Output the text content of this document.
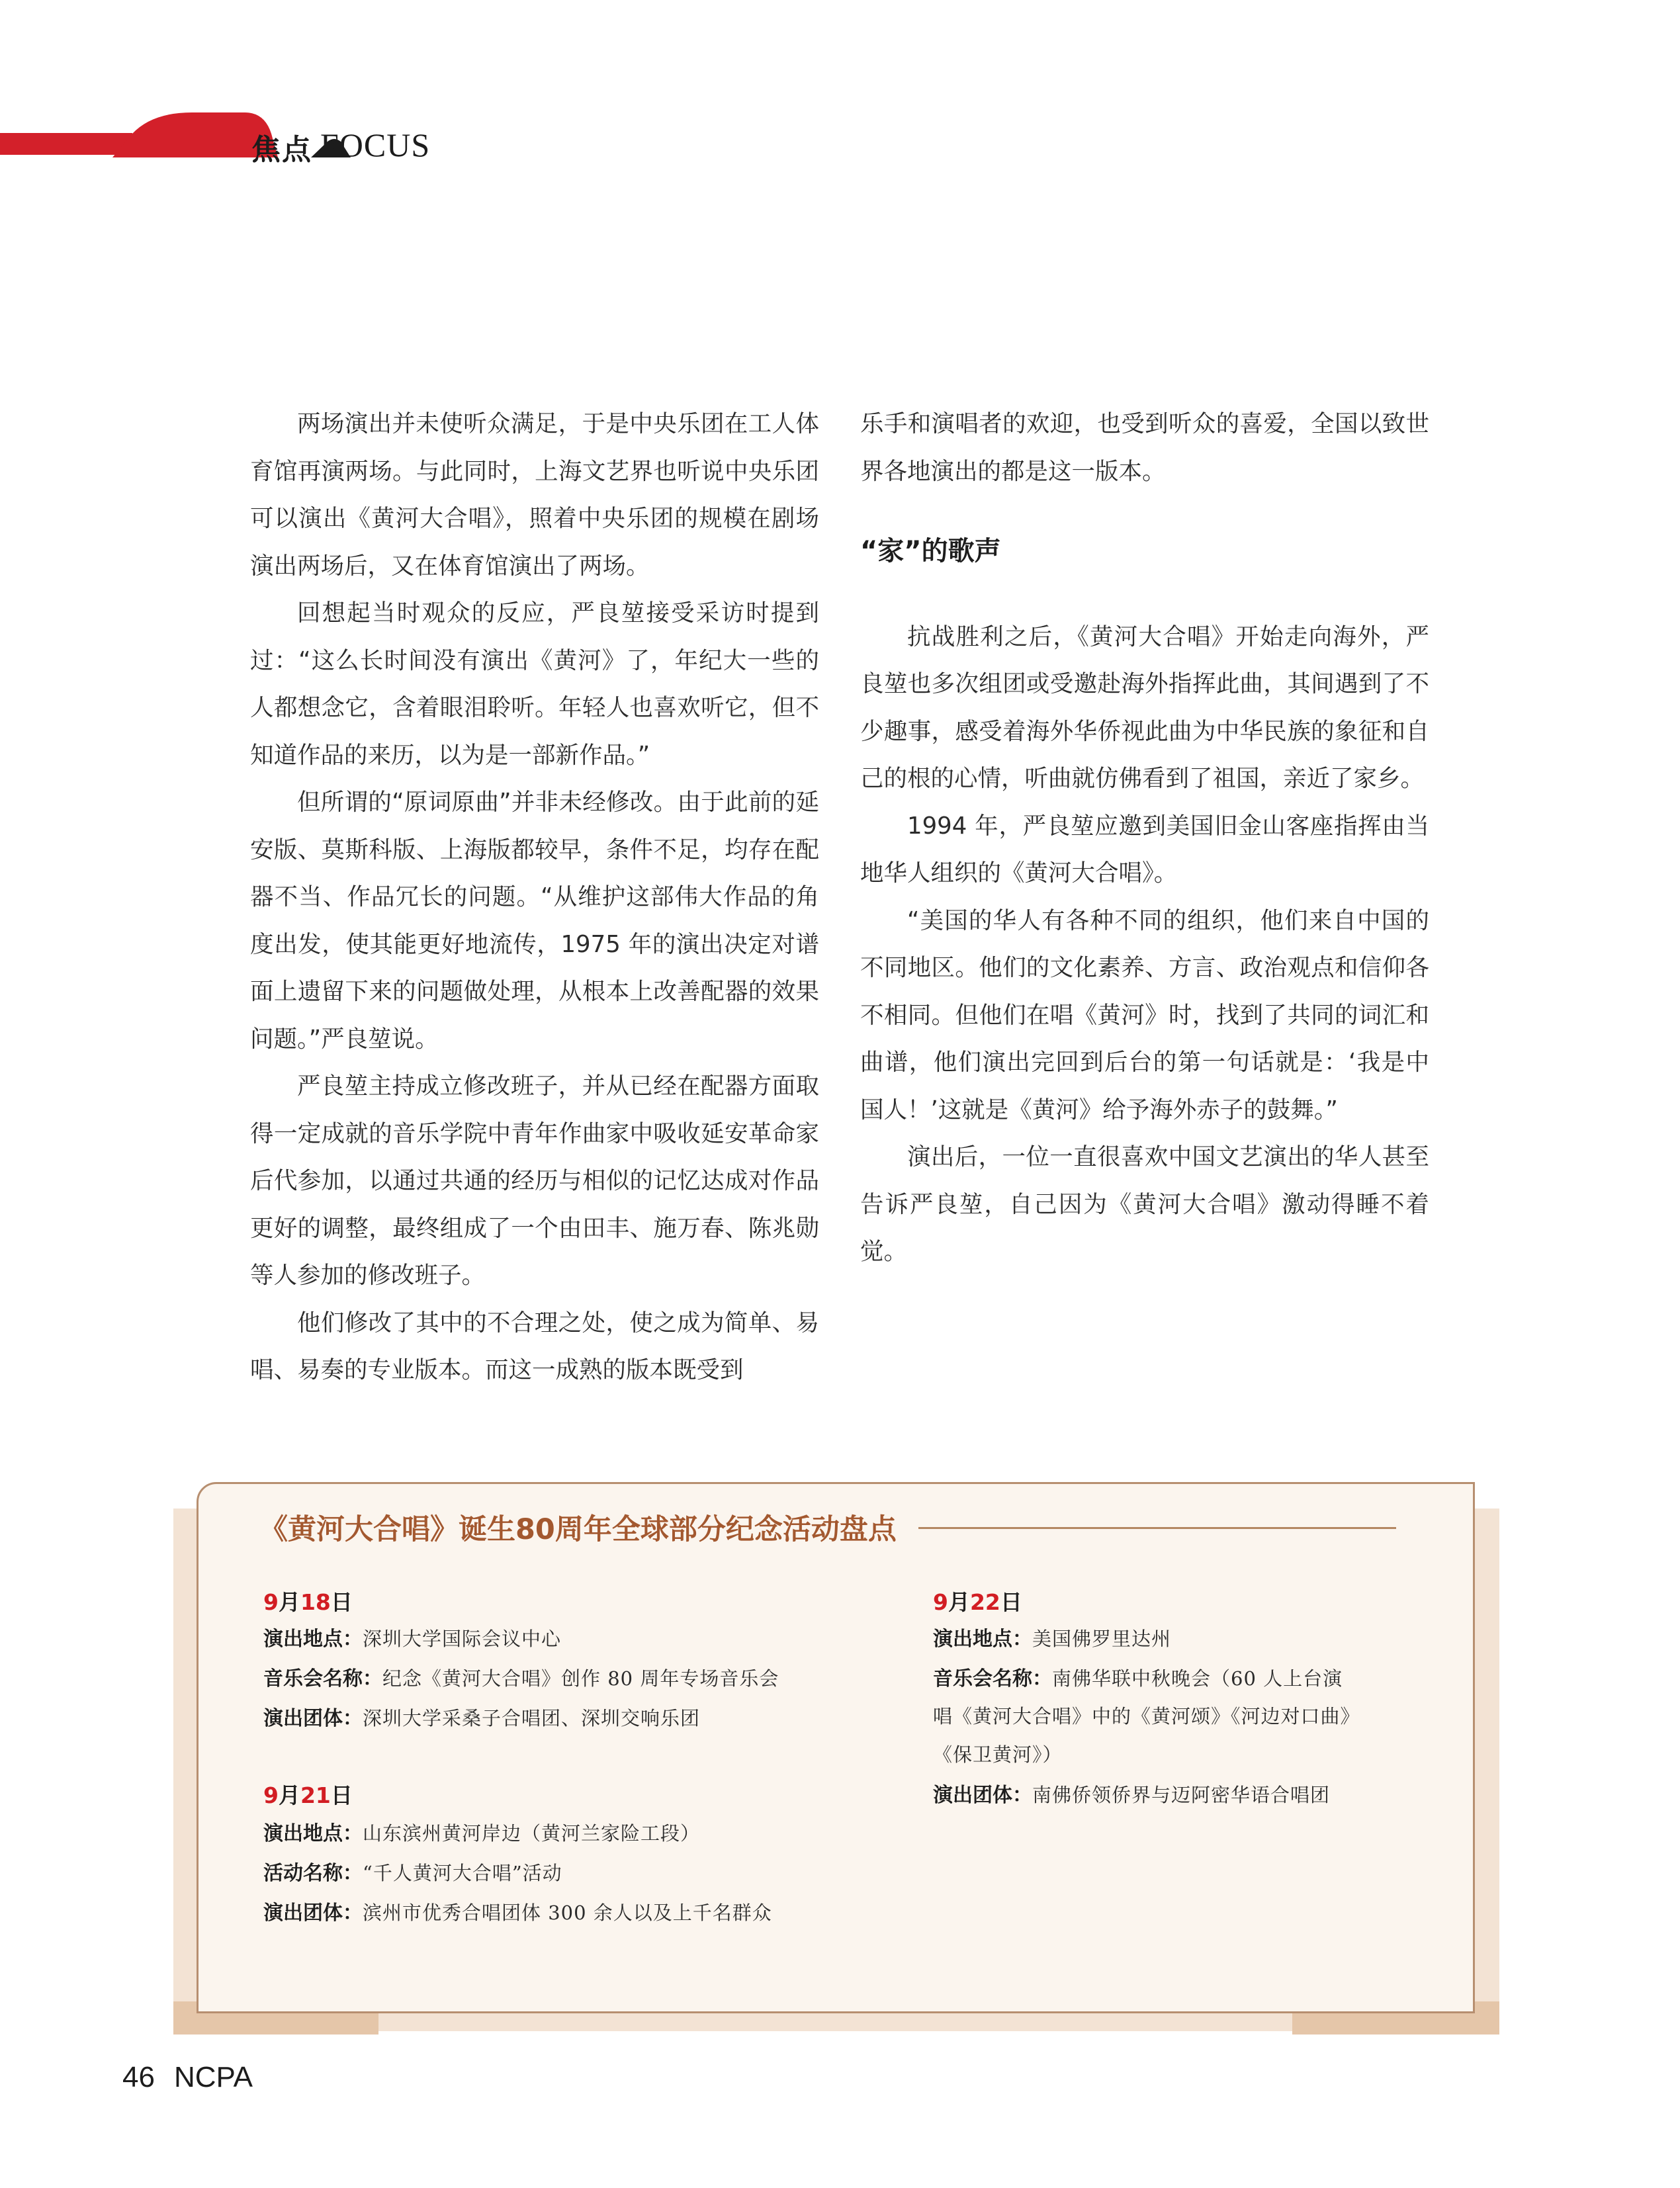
焦点 FOCUS

两场演出并未使听众满足，于是中央乐团在工人体育馆再演两场。与此同时，上海文艺界也听说中央乐团可以演出《黄河大合唱》，照着中央乐团的规模在剧场演出两场后，又在体育馆演出了两场。

回想起当时观众的反应，严良堃接受采访时提到过：“这么长时间没有演出《黄河》了，年纪大一些的人都想念它，含着眼泪聆听。年轻人也喜欢听它，但不知道作品的来历，以为是一部新作品。”

但所谓的“原词原曲”并非未经修改。由于此前的延安版、莫斯科版、上海版都较早，条件不足，均存在配器不当、作品冗长的问题。“从维护这部伟大作品的角度出发，使其能更好地流传，1975 年的演出决定对谱面上遗留下来的问题做处理，从根本上改善配器的效果问题。”严良堃说。

严良堃主持成立修改班子，并从已经在配器方面取得一定成就的音乐学院中青年作曲家中吸收延安革命家后代参加，以通过共通的经历与相似的记忆达成对作品更好的调整，最终组成了一个由田丰、施万春、陈兆勋等人参加的修改班子。

他们修改了其中的不合理之处，使之成为简单、易唱、易奏的专业版本。而这一成熟的版本既受到

乐手和演唱者的欢迎，也受到听众的喜爱，全国以致世界各地演出的都是这一版本。

“家”的歌声

抗战胜利之后，《黄河大合唱》开始走向海外，严良堃也多次组团或受邀赴海外指挥此曲，其间遇到了不少趣事，感受着海外华侨视此曲为中华民族的象征和自己的根的心情，听曲就仿佛看到了祖国，亲近了家乡。

1994 年，严良堃应邀到美国旧金山客座指挥由当地华人组织的《黄河大合唱》。

“美国的华人有各种不同的组织，他们来自中国的不同地区。他们的文化素养、方言、政治观点和信仰各不相同。但他们在唱《黄河》时，找到了共同的词汇和曲谱，他们演出完回到后台的第一句话就是：‘我是中国人！’这就是《黄河》给予海外赤子的鼓舞。”

演出后，一位一直很喜欢中国文艺演出的华人甚至告诉严良堃，自己因为《黄河大合唱》激动得睡不着觉。

《黄河大合唱》诞生80周年全球部分纪念活动盘点
9月18日
演出地点：深圳大学国际会议中心
音乐会名称：纪念《黄河大合唱》创作 80 周年专场音乐会
演出团体：深圳大学采桑子合唱团、深圳交响乐团
9月21日
演出地点：山东滨州黄河岸边（黄河兰家险工段）
活动名称：“千人黄河大合唱”活动
演出团体：滨州市优秀合唱团体 300 余人以及上千名群众
9月22日
演出地点：美国佛罗里达州
音乐会名称：南佛华联中秋晚会（60 人上台演
唱《黄河大合唱》中的《黄河颂》《河边对口曲》
《保卫黄河》）
演出团体：南佛侨领侨界与迈阿密华语合唱团
46 NCPA
